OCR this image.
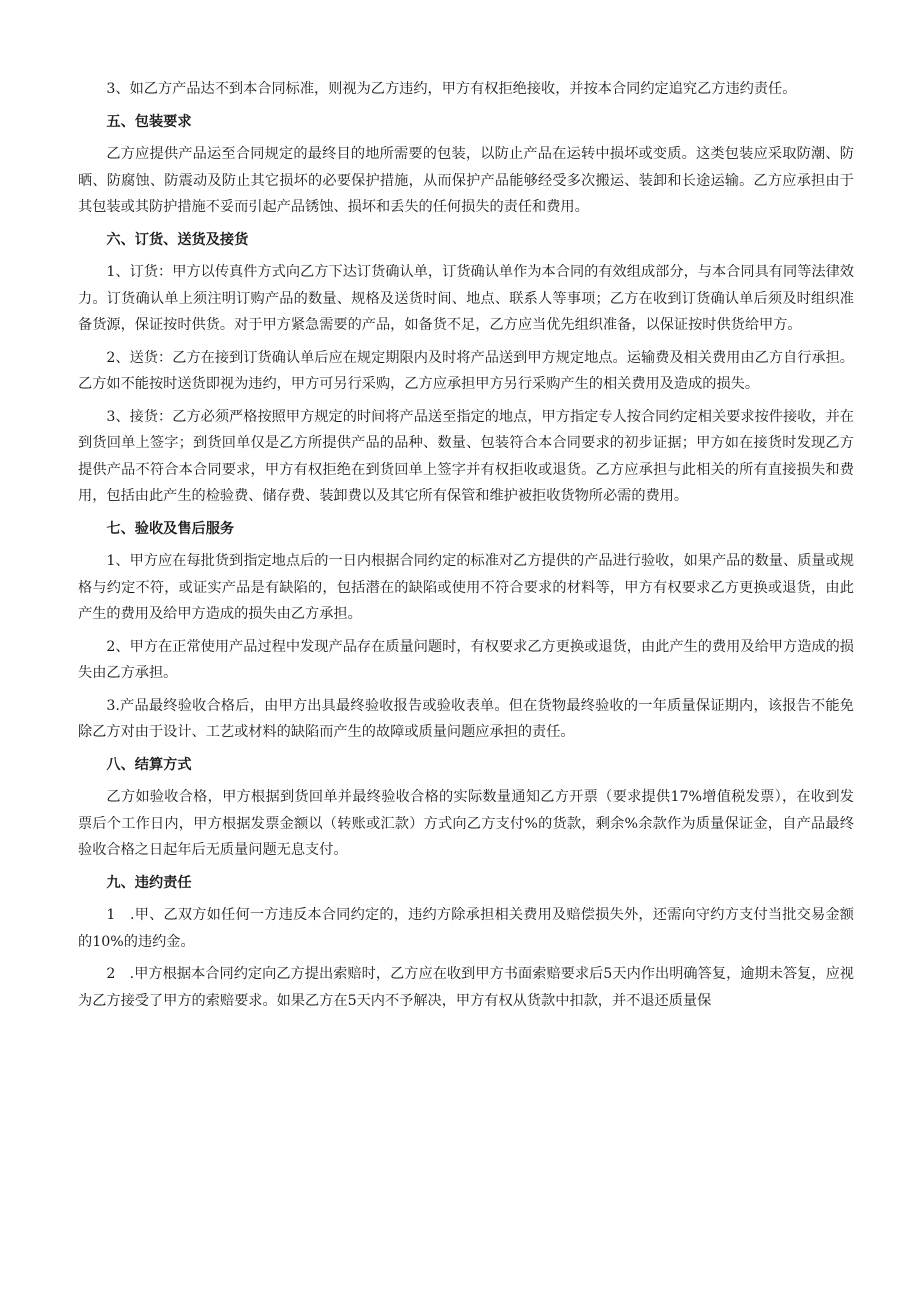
3、如乙方产品达不到本合同标准，则视为乙方违约，甲方有权拒绝接收，并按本合同约定追究乙方违约责任。

五、包装要求

乙方应提供产品运至合同规定的最终目的地所需要的包装，以防止产品在运转中损坏或变质。这类包装应采取防潮、防晒、防腐蚀、防震动及防止其它损坏的必要保护措施，从而保护产品能够经受多次搬运、装卸和长途运输。乙方应承担由于其包装或其防护措施不妥而引起产品锈蚀、损坏和丢失的任何损失的责任和费用。

六、订货、送货及接货

1、订货：甲方以传真件方式向乙方下达订货确认单，订货确认单作为本合同的有效组成部分，与本合同具有同等法律效力。订货确认单上须注明订购产品的数量、规格及送货时间、地点、联系人等事项；乙方在收到订货确认单后须及时组织准备货源，保证按时供货。对于甲方紧急需要的产品，如备货不足，乙方应当优先组织准备，以保证按时供货给甲方。

2、送货：乙方在接到订货确认单后应在规定期限内及时将产品送到甲方规定地点。运输费及相关费用由乙方自行承担。乙方如不能按时送货即视为违约，甲方可另行采购，乙方应承担甲方另行采购产生的相关费用及造成的损失。

3、接货：乙方必须严格按照甲方规定的时间将产品送至指定的地点，甲方指定专人按合同约定相关要求按件接收，并在到货回单上签字；到货回单仅是乙方所提供产品的品种、数量、包装符合本合同要求的初步证据；甲方如在接货时发现乙方提供产品不符合本合同要求，甲方有权拒绝在到货回单上签字并有权拒收或退货。乙方应承担与此相关的所有直接损失和费用，包括由此产生的检验费、储存费、装卸费以及其它所有保管和维护被拒收货物所必需的费用。

七、验收及售后服务

1、甲方应在每批货到指定地点后的一日内根据合同约定的标准对乙方提供的产品进行验收，如果产品的数量、质量或规格与约定不符，或证实产品是有缺陷的，包括潜在的缺陷或使用不符合要求的材料等，甲方有权要求乙方更换或退货，由此产生的费用及给甲方造成的损失由乙方承担。

2、甲方在正常使用产品过程中发现产品存在质量问题时，有权要求乙方更换或退货，由此产生的费用及给甲方造成的损失由乙方承担。

3.产品最终验收合格后，由甲方出具最终验收报告或验收表单。但在货物最终验收的一年质量保证期内，该报告不能免除乙方对由于设计、工艺或材料的缺陷而产生的故障或质量问题应承担的责任。

八、结算方式

乙方如验收合格，甲方根据到货回单并最终验收合格的实际数量通知乙方开票（要求提供17%增值税发票），在收到发票后个工作日内，甲方根据发票金额以（转账或汇款）方式向乙方支付%的货款，剩余%余款作为质量保证金，自产品最终验收合格之日起年后无质量问题无息支付。

九、违约责任

1　.甲、乙双方如任何一方违反本合同约定的，违约方除承担相关费用及赔偿损失外，还需向守约方支付当批交易金额的10%的违约金。

2　.甲方根据本合同约定向乙方提出索赔时，乙方应在收到甲方书面索赔要求后5天内作出明确答复，逾期未答复，应视为乙方接受了甲方的索赔要求。如果乙方在5天内不予解决，甲方有权从货款中扣款，并不退还质量保
